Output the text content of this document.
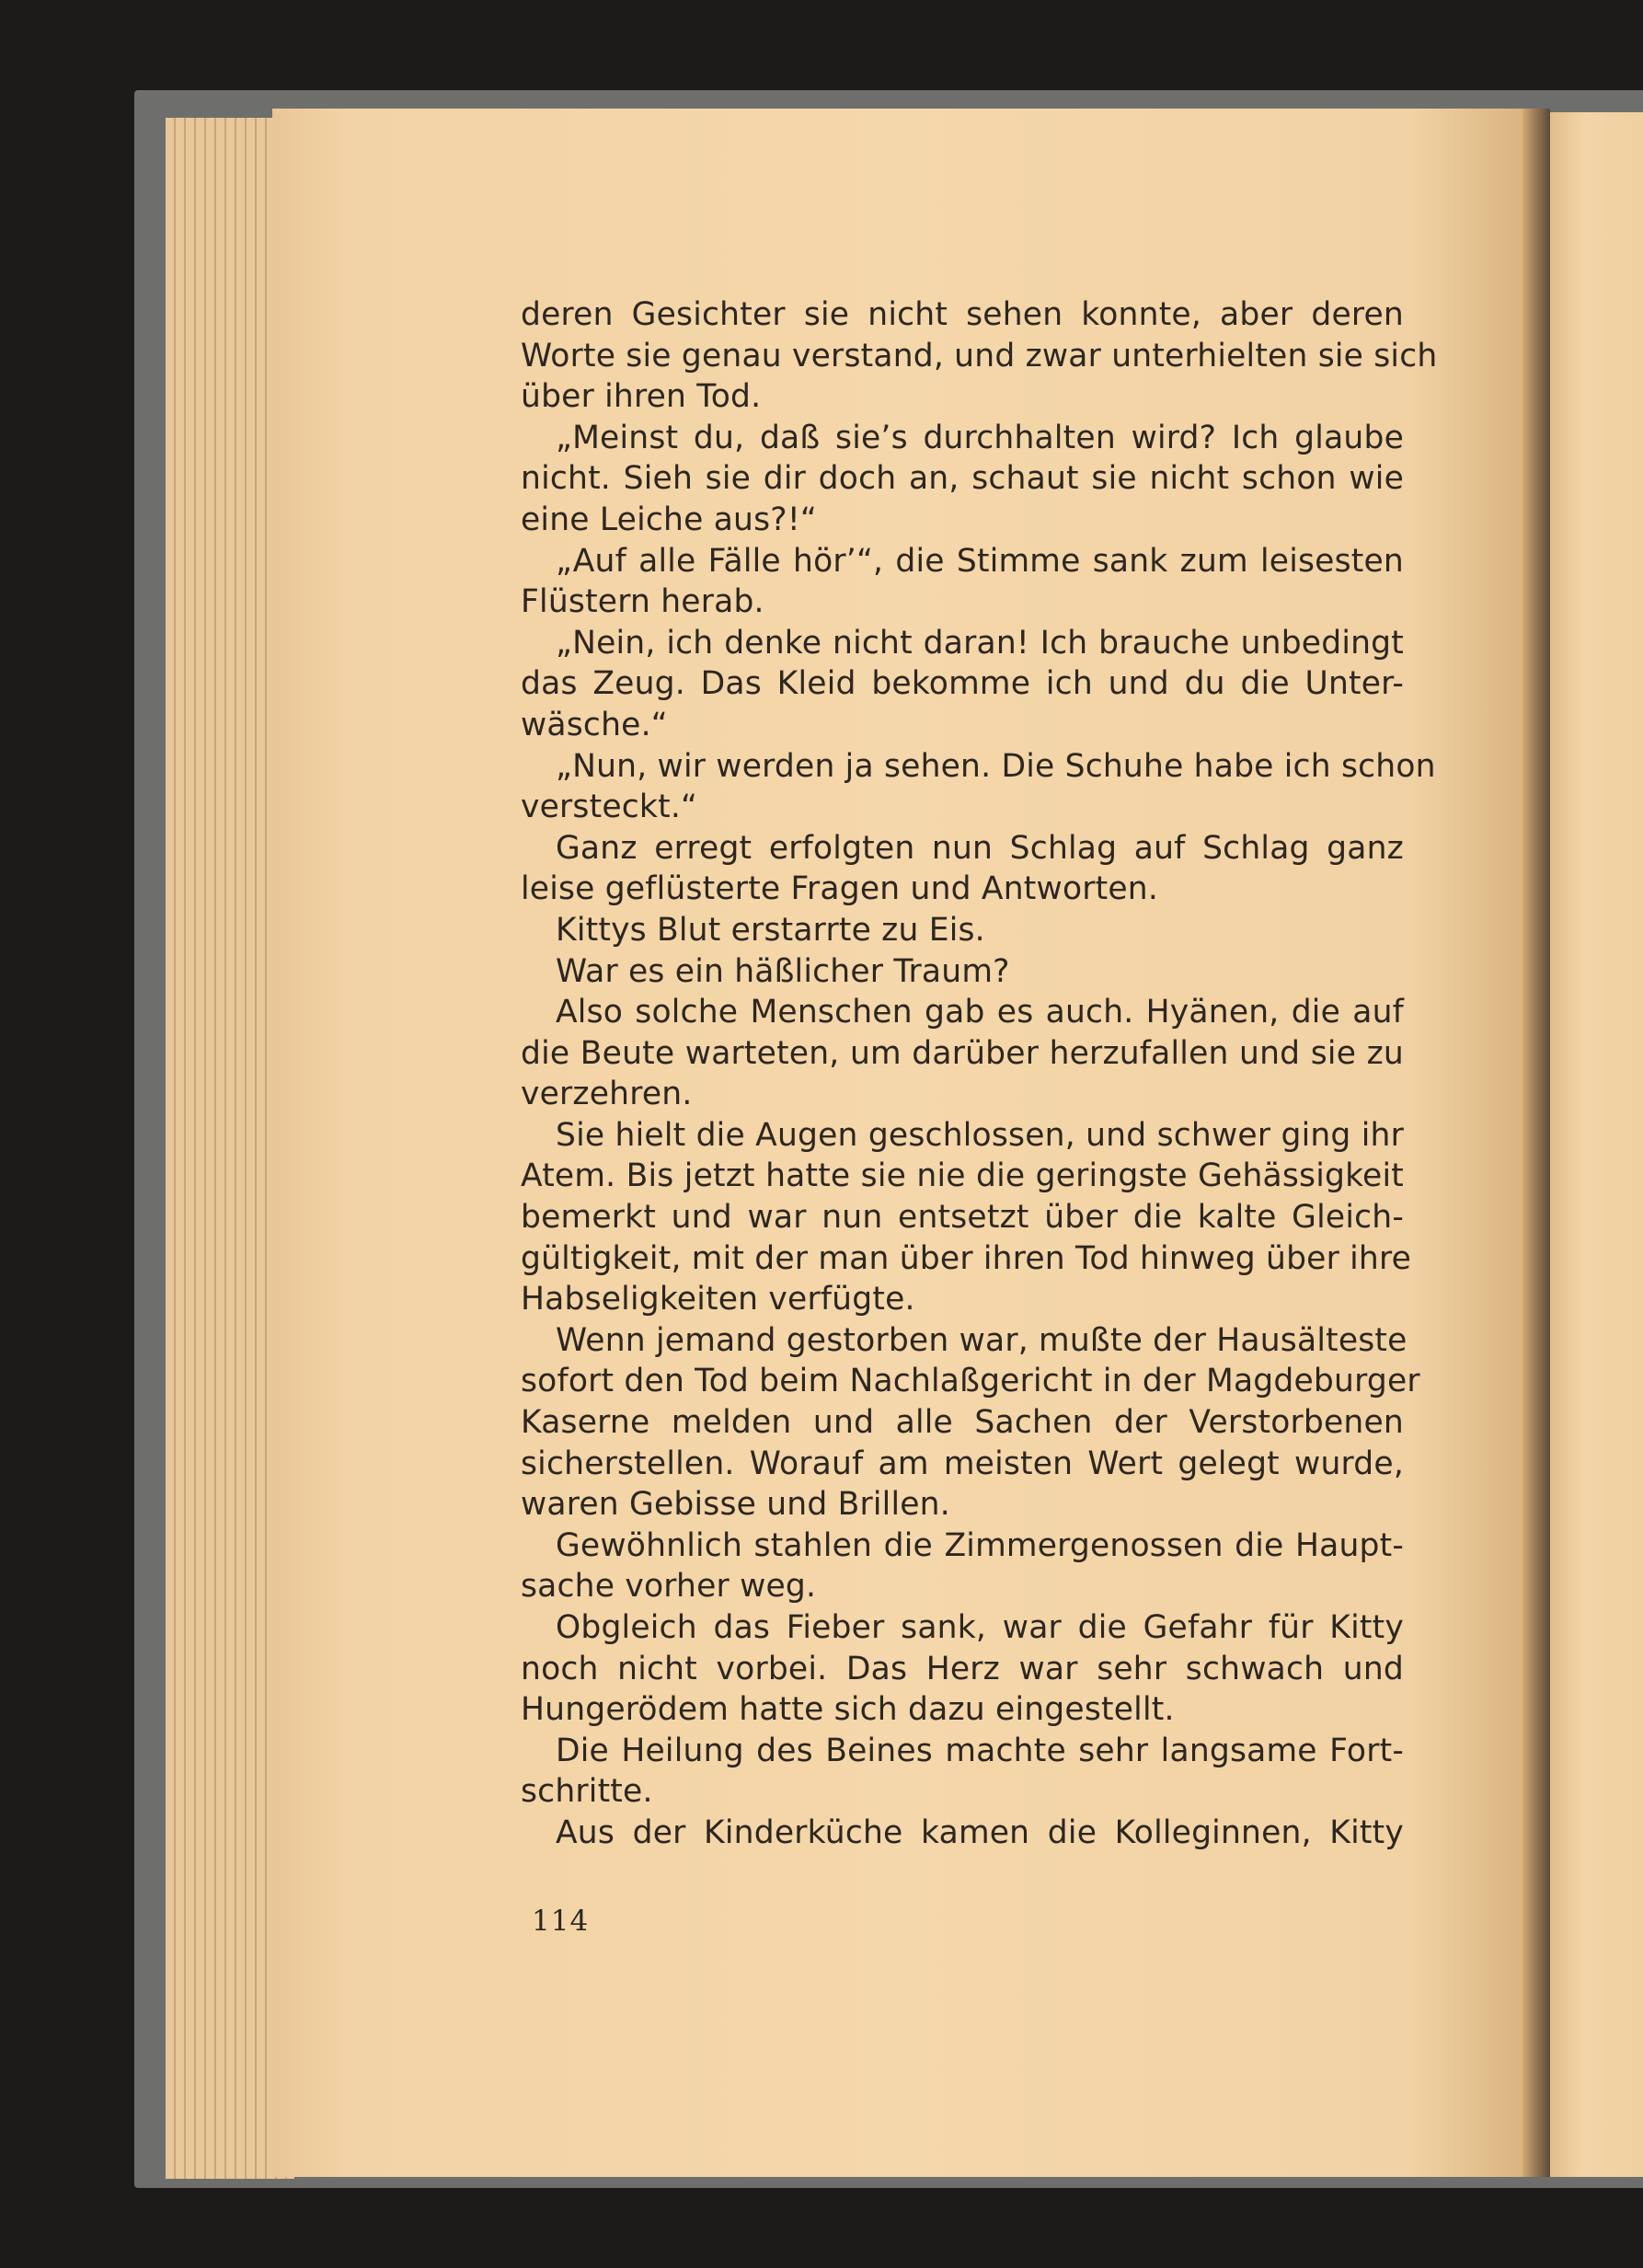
deren Gesichter sie nicht sehen konnte, aber deren
Worte sie genau verstand, und zwar unterhielten sie sich
über ihren Tod.
„Meinst du, daß sie’s durchhalten wird? Ich glaube
nicht. Sieh sie dir doch an, schaut sie nicht schon wie
eine Leiche aus?!“
„Auf alle Fälle hör’“, die Stimme sank zum leisesten
Flüstern herab.
„Nein, ich denke nicht daran! Ich brauche unbedingt
das Zeug. Das Kleid bekomme ich und du die Unter-
wäsche.“
„Nun, wir werden ja sehen. Die Schuhe habe ich schon
versteckt.“
Ganz erregt erfolgten nun Schlag auf Schlag ganz
leise geflüsterte Fragen und Antworten.
Kittys Blut erstarrte zu Eis.
War es ein häßlicher Traum?
Also solche Menschen gab es auch. Hyänen, die auf
die Beute warteten, um darüber herzufallen und sie zu
verzehren.
Sie hielt die Augen geschlossen, und schwer ging ihr
Atem. Bis jetzt hatte sie nie die geringste Gehässigkeit
bemerkt und war nun entsetzt über die kalte Gleich-
gültigkeit, mit der man über ihren Tod hinweg über ihre
Habseligkeiten verfügte.
Wenn jemand gestorben war, mußte der Hausälteste
sofort den Tod beim Nachlaßgericht in der Magdeburger
Kaserne melden und alle Sachen der Verstorbenen
sicherstellen. Worauf am meisten Wert gelegt wurde,
waren Gebisse und Brillen.
Gewöhnlich stahlen die Zimmergenossen die Haupt-
sache vorher weg.
Obgleich das Fieber sank, war die Gefahr für Kitty
noch nicht vorbei. Das Herz war sehr schwach und
Hungerödem hatte sich dazu eingestellt.
Die Heilung des Beines machte sehr langsame Fort-
schritte.
Aus der Kinderküche kamen die Kolleginnen, Kitty
114
